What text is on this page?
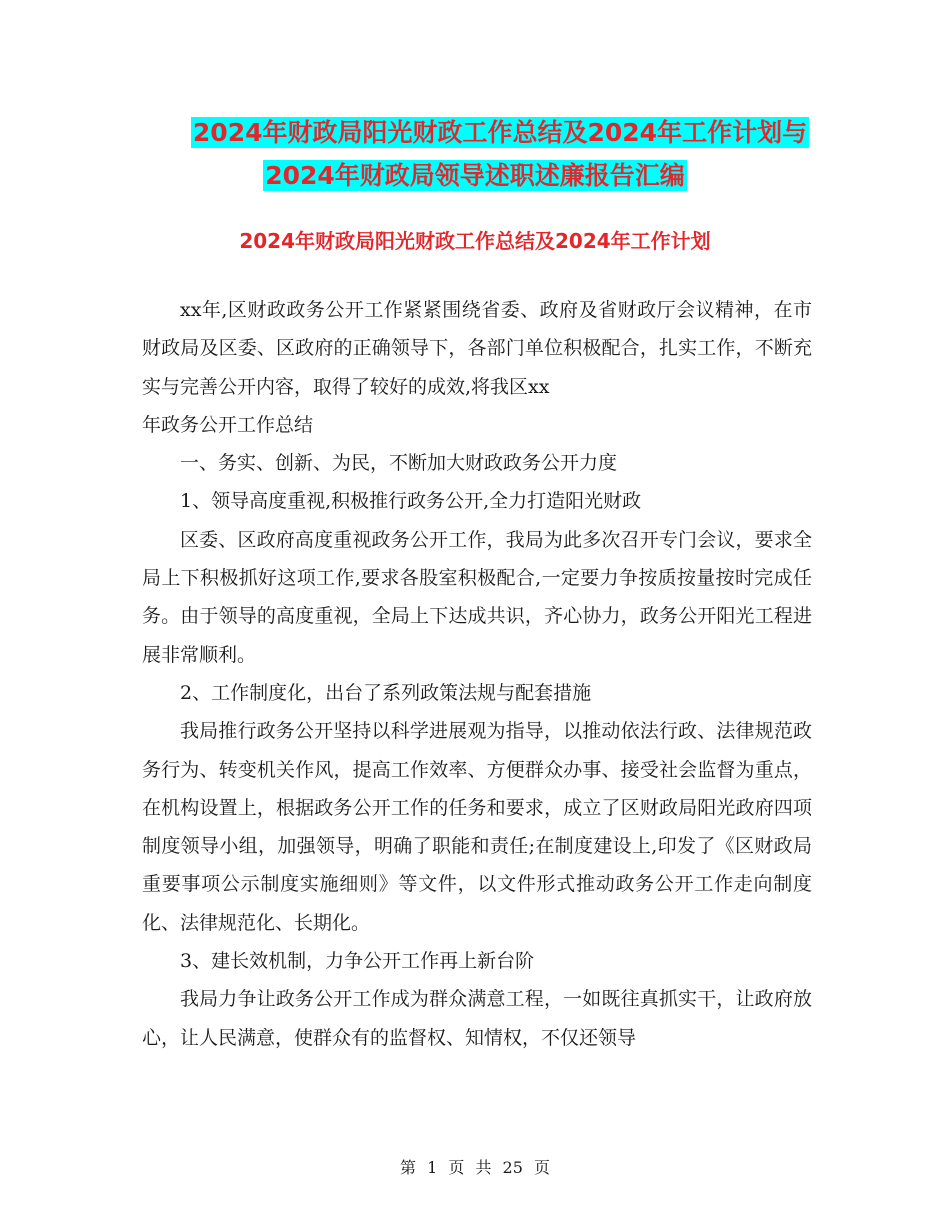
2024年财政局阳光财政工作总结及2024年工作计划与
2024年财政局领导述职述廉报告汇编
2024年财政局阳光财政工作总结及2024年工作计划

xx年,区财政政务公开工作紧紧围绕省委、政府及省财政厅会议精神，在市财政局及区委、区政府的正确领导下，各部门单位积极配合，扎实工作，不断充实与完善公开内容，取得了较好的成效,将我区xx

年政务公开工作总结

一、务实、创新、为民，不断加大财政政务公开力度

1、领导高度重视,积极推行政务公开,全力打造阳光财政

区委、区政府高度重视政务公开工作，我局为此多次召开专门会议，要求全局上下积极抓好这项工作,要求各股室积极配合,一定要力争按质按量按时完成任务。由于领导的高度重视，全局上下达成共识，齐心协力，政务公开阳光工程进展非常顺利。

2、工作制度化，出台了系列政策法规与配套措施

我局推行政务公开坚持以科学进展观为指导，以推动依法行政、法律规范政务行为、转变机关作风，提高工作效率、方便群众办事、接受社会监督为重点，在机构设置上，根据政务公开工作的任务和要求，成立了区财政局阳光政府四项制度领导小组，加强领导，明确了职能和责任;在制度建设上,印发了《区财政局重要事项公示制度实施细则》等文件，以文件形式推动政务公开工作走向制度化、法律规范化、长期化。

3、建长效机制，力争公开工作再上新台阶

我局力争让政务公开工作成为群众满意工程，一如既往真抓实干，让政府放心，让人民满意，使群众有的监督权、知情权，不仅还领导

第 1 页 共 25 页
